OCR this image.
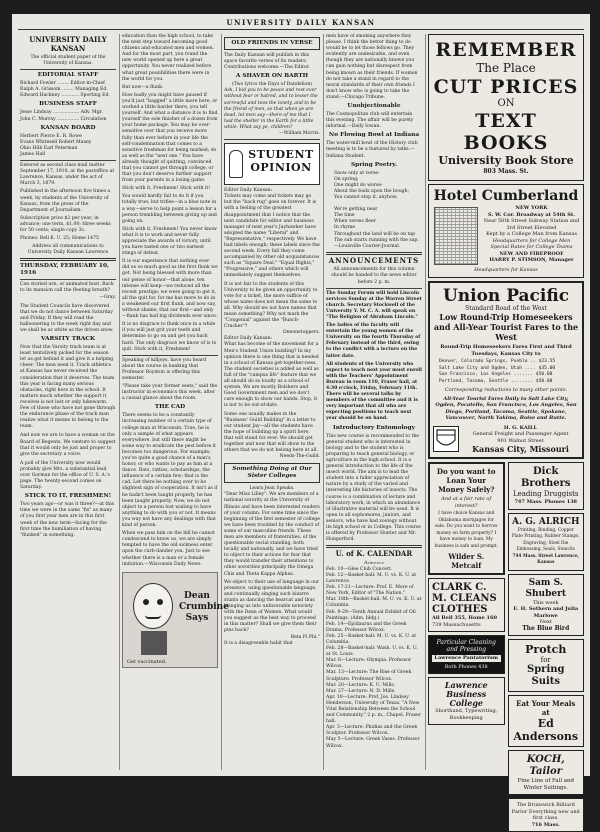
UNIVERSITY DAILY KANSAN
UNIVERSITY DAILY KANSAN
The official student paper of the University of Kansas.
EDITORIAL STAFF
Richard Fowler ........ Editor-in-Chief
Ralph A. Grissom ........ Managing Ed.
Edward Hackney ............ Sporting Ed.
BUSINESS STAFF
Jesse Lindsay .................. Adv. Mgr.
John C. Murray ............... Circulation
KANSAN BOARD
Herbert Pierce E. R. Rowe
Evans Whitesell Robert Maxey
Ohio Hilb Earl Peterman
James Hall
Entered as second class mail matter September 17, 1910, at the postoffice at Lawrence, Kansas, under the act of March 3, 1879.
Published in the afternoon five times a week, by students of the University of Kansas, from the press of the Department of Journalism.
Subscription price $2 per year; in advance; one term, $1.00; three weeks for 50 cents; single copy 3c.
Phones: Bell K. U. 25; Home 1475
Address all communications to University Daily Kansan Lawrence
THURSDAY, FEBRUARY 10, 1916
Can storied urn, or animated bust, Back to its mansion call the fleeting breath?
—Gray.
The Student Councils have discovered that we do not dance between Saturday and Friday. If they will read the balloonering to the week right day and we shall be as white as the driven snow.
VARSITY TRACK
Now that the Varsity track team is at least tentatively picked for the season let us get behind it and give it a helping cheer. The men need it. Track athletics at Kansas has never received the consideration that it deserves. The team this year is facing many serious obstacles, right here in the school. It matters much whether the support it receives is not lost or only lukewarm. Few of those who have not gone through the endurance phase of the track man realize what it means to belong to the team.
And now we are to have a woman on the Board of Regents. We venture to suggest that it would only be just and proper to give the secretary a voice.
A poll of the University now would probably give Mrs. a substantial lead over Gorman for the office of U. S. A.'s page. The twenty-second comes on Saturday.
STICK TO IT, FRESHMEN!
Two years ago—or was it three?—at this time we were in the same "fix" as many of you first year men are in this first week of the new term—facing for the first time the humiliation of having "flunked" in something.
education than the high school, to take the next step toward becoming good citizens and educated men and women. And for the most part, you found the new world opened up here a great opportunity. You never realized before what great possibilities there were in the world for you.
But now—a flunk.
How badly you might have paused if you'd just "bagged" a little more here, or worked a little harder there, you tell yourself. And what a distance it is to find yourself the sole finisher of a dozen from your home package. You may be over-sensitive over that you receive more fully than ever before in your life the self-condemnation that comes to a sensitive freshman for being marked; do as well as the "next one." You have already thought of quitting, convinced that you cannot get through college, or that you don't deserve further support from your parents in a losing game.
Stick with it, Freshmen! Stick with it!
You would hardly fail to do it if you totally true; but trifles—in a blue note in a way—serve to help point a lesson for a person trembling between giving up and going on.
Stick with it, Freshmen! You never know what it is to work and never fully appreciate the awards of victory, until you have tasted one or two earnest stings of defeat.
It is our experience that nothing ever did us so much good as the first flunk we got. Not being blessed with more than our pense of honor—that alone, ten intense will keep—we reduced all the recent prestige; we were going to get it, all the quit for, for me has more to do in a weakened our first flunk, and now say, without shame, that our first—and only—flunk has had big dividends ever since.
It is no disgrace to flunk once in a while if you will just grit your teeth and determine to go on and get you back hard. The only disgrace we know of is to quit. Stick with it, Freshmen!
Speaking of killjoys, have you heard about the course in banking that Professor Boynton is offering this semester.
"Please take your former seats," said the instructor in economics this week, after a casual glance about the room.
THE CAD
There seems to be a constantly increasing number of a certain type of college man at Wisconsin. True, he is only a sample of what appears everywhere, but still there might be some way to eradicate the pest before it becomes too dangerous. For example, you've quite a good chance of a man's honor, or who wants to pay as him at a dance. Rats, ratties, scholarships, the influence of a certain few; that is the cad. Let there be nothing over to be slightest sign of cooperation. It isn't as if he hadn't been taught properly, he has been taught properly. Now, we do not object to a person lost waiting to have anything to do with you or not. It means you way not have any dealings with that kind of person.
When we pass him on the hill he cannot condescend to know us, we are simply tempted to have the old sickness enter upon the curb-dander you. Just to see whether there is a man or a female imitation.—Wisconsin Daily News.
Dean Crumbine Says
Get vaccinated.
OLD FRIENDS IN VERSE
The Daily Kansan will publish in this space favorite verses of its readers. Contributions welcome.—The Editor.
A SHAVER ON BARTH
(Two lyrics the Days of Dandelion)
Ask, I bid you to be peace and rest ever without fear or hatred, and to lesser the sorrowful and tees the lonely, and to be the friend of men, so that when ye are dead, let men say—there of me that I had the shelter in the Earth for a little while. What say ye, children?
—William Morris.
STUDENT OPINION
Editor Daily Kansan:
Tickets may come and tickets may go but the "back rug" goes on forever. It is with a feeling of the greatest disappointment that I notice that the next candidate for editor and business manager of next year's Jayhawker have adopted the name "Liberal" and "Representative," respectively. We have had labels enough; these labels since the second week. Every fall they come accompanied by other old acquaintances such as "Square Deal," "Equal Rights," "Progressive," and others which will immediately suggest themselves.
It is not fair to the students of this University to be given an opportunity to vote for a ticket, the more suffice of whose name does not mean the same to all. Why should we not have names that mean something? Why not mark the "Congenial" against the "Bunch-Cracker"?
Oneonetoppers.
Editor Daily Kansan:
What has become of the movement for a Men's Student Union building? In my opinion there is one thing that is needed in a school of Kansas get-together-ness. The student societies is added as well as full of the "campus life" feature that we all should do so loudly as a school of system. We are mostly Bolshevs and Good Government men and we don't care enough to show our hands. Stop, it is not to be out-of-date.
Some one usually makes in the "Business' Guild Building" in a letter to our student Jay—all the students have the hope of building up a spirit here, that will stand for ever. We should get together and now that will show to the others that we do not belong here at all.
Needs-The-Guild.
Something Doing at Our Sister Colleges
Learn Jean Speaks.
"Dear Miss Lilley": We are members of a national sorority at the University of Illinois and have been interested readers of your column. For some time since the beginning of the first semester of college we have been troubled by the conduct of some of our masculine friends. These men are members of fraternities, of the questionable social standing, both locally and nationally, and we have tried to object to their actions for fear that they would transfer their attentions to other sororities principally the Omega Chis and Theta Kappa Alphas.
We object to their use of language in our presence, using questionable language, and continually singing such bizarre stunts as dancing the bearcat and thus bringing us into unfavorable notoriety with the Dean of Women. What would you suggest as the best way to proceed in this matter? Shall we give them their pins back?
Beta Pi Phi."
It is a disagreeable habit that
men have of smoking anywhere they please. I think the better thing to do would be to let those fellows go. They evidently are undesirable, and even though they are nationally known you can gain nothing but disrespect from being known as their friends. If women do not take a stand in regard to the moral standards of their own friends I don't know who is going to take the stand.—Chicago Tribune.
Unobjectionable
The Cosmopolitan club will entertain this evening. The affair will be purely informal.—Daily Iowan.
No Flowing Bowl at Indiana
The water-mill bowl of the History club meeting is to be a featured by talks.—Indiana Student.
Spring Poetry.
Snow only at verse-
On spring;
One might do worse-
About the buds upon the bough;
You cannot stop it, anyhow.

We're getting near
The time
When verses fleer
In rhyme
Throughout the land will be on tap
The sub starts running with the sap.
—Louisville Courier-Journal.
ANNOUNCEMENTS
All announcements for this column should be handed to the news editor before 2 p. m.
The Sunday Forum will hold Lincoln services Sunday at the Warren Street church. Secretary Stockwell of the University Y. M. C. A. will speak on "The Religion of Abraham Lincoln."
The ladies of the faculty will entertain the young women of the University on the fourth Thursday of February instead of the third, owing to the conflict with a lecture on the latter date.
All students of the University who expect to teach next year must enroll with the Teachers' Appointment Bureau in room 110, Fraser hall, at 4:30 o'clock, Friday, February 11th. There will be several talks by members of the committee and it is very important that all who are expecting positions to teach next year should be on hand.
Introductory Entomology
This new course is recommended to the general student who is interested in biology and to the student who is preparing to teach general biology, or agriculture in the high school. It is a general introduction to the life of the insect world. The aim is to lead the student into a fuller appreciation of nature by a study of the varied and interesting life histories of insects. The course is a combination of lecture and laboratory work, in which an abundance of illustrative material will be used. It is open to all sophomores, juniors, and seniors, who have had zoology without its high school or in College. This course is offered by Professor Hunter and Mr. Hungerford.
U. of K. CALENDAR
Athletics
Feb. 10—Glee Club Concert.
Feb. 12—Basket-ball: M. U. vs. K. U. at Lawrence.
Feb. 17-21—Lecture: Prof. E. More of New York, Editor of "The Nation."
Mar. 18th—Basket-ball: M. U. vs. K. U. at Columbia.
Feb. 9-29—Tenth Annual Exhibit of Oil Paintings. (Adm. bldg.)
Feb. 14—Epidaurus and the Greek Drama. Professor Wilcox.
Feb. 25—Basket-ball: M. U. vs. K. U. at Columbia.
Feb. 28—Basket-ball: Wash. U. vs. K. U. at St. Louis.
Mar. 6—Lecture: Olympia. Professor Wilcox.
Mar. 13—Lecture: The Rise of Greek Sculpture. Professor Wilcox.
Mar. 20—Lecture: K. U. Mills.
Mar. 27—Lecture: N. D. Mills.
Apr. 10—Lecture: Prof. Jos. Lindsey Henderson, University of Texas. "A New Vital Relationship Between the School and Community." 2 p. m., Chapel, Fraser hall.
Apr. 3—Lecture: Phidias and the Greek Sculptor. Professor Wilcox.
May 5—Lecture: Greek Vases. Professor Wilcox.
REMEMBER
The Place
CUT PRICES
ON
TEXT BOOKS
University Book Store
803 Mass. St.
Hotel Cumberland
NEW YORK
S. W. Cor. Broadway at 54th St.
Near 50th Street Subway Station and 3rd Street Elevated
Kept by a College Man from Kansas
Headquarters for College Men
Special Rates for College Teams
NEW AND FIREPROOF
HARRY P. STIMSON, Manager
Headquarters for Kansas
Union Pacific
Standard Road of the West
Low Round-Trip Homeseekers and All-Year Tourist Fares to the West
Round-Trip Homeseekers Fares First and Third Tuesdays, Kansas City to
Denver, Colorado Springs, Pueblo .. $23.55
Salt Lake City and Ogden, Utah .... $35.00
San Francisco, Los Angeles ....... $50.00
Portland, Tacoma, Seattle ........ $50.00
Corresponding reductions to many other points.
All-Year Tourist Fares Daily to Salt Lake City, Ogden, Pocatello, San Francisco, Los Angeles, San Diego, Portland, Tacoma, Seattle, Spokane, Vancouver, North Yakima, Boise and Butte.
H. G. KAILL
General Freight and Passenger Agent
901 Walnut Street
Kansas City, Missouri
Do you want to Loan Your Money Safely?
And at a fair rate of interest?
I have choice Kansas and Oklahoma mortgages for sale. Do you want to borrow money on farm property? I have money to loan. My business is safe and prompt.
Wilder S. Metcalf
CLARK C. M. CLEANS CLOTHES
All Bell 355, Home 160
739 Massachusetts
Particular Cleaning and Pressing
Lawrence Pantatorium
Both Phones 438
Lawrence Business College
Shorthand, Typewriting, Bookkeeping
Dick Brothers
Leading Druggists
747 Mass. Phones 138
A. G. ALRICH
Printing, Binding, Copper Plate Printing, Rubber Stamps, Engraving, Steel Die Embossing, Seals, Stencils
744 Mass. Street Lawrence, Kansas
Sam S. Shubert
This week
E. H. Sothern and Julia Marlowe
Next
The Blue Bird
Protch
for
Spring Suits
Eat Your Meals at
Ed Andersons
KOCH, Tailor
Fine Line of Fall and Winter Suitings.
The Brunswick Billiard Parlor Everything new and first class.
716 Mass.
